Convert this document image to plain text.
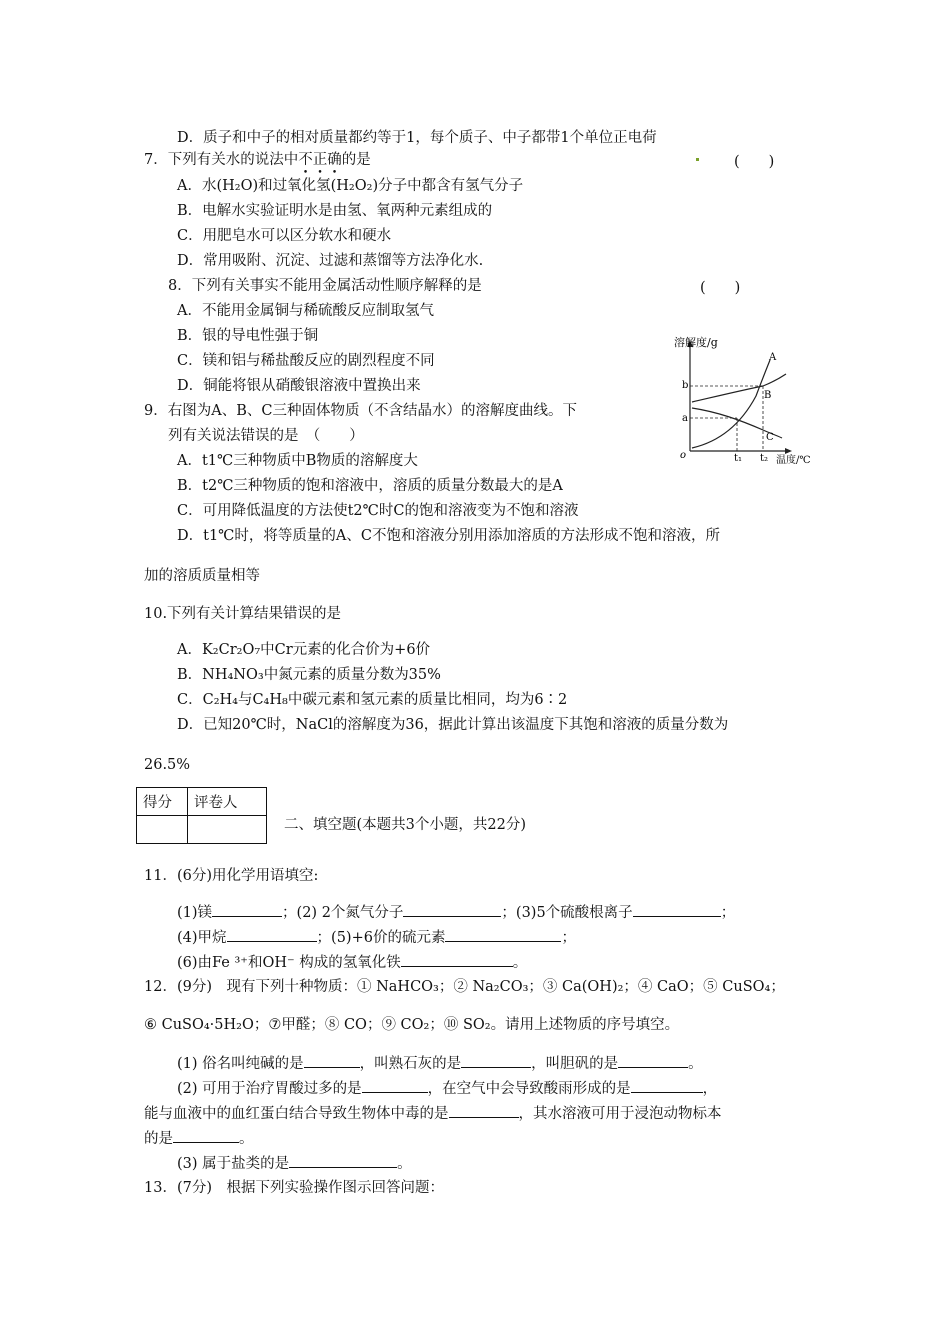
D．质子和中子的相对质量都约等于1，每个质子、中子都带1个单位正电荷
7．下列有关水的说法中不正确的是	(　　)
A．水(H₂O)和过氧化氢(H₂O₂)分子中都含有氢气分子
B．电解水实验证明水是由氢、氧两种元素组成的
C．用肥皂水可以区分软水和硬水
D．常用吸附、沉淀、过滤和蒸馏等方法净化水.
8．下列有关事实不能用金属活动性顺序解释的是	(　　)
A．不能用金属铜与稀硫酸反应制取氢气
B．银的导电性强于铜
C．镁和铝与稀盐酸反应的剧烈程度不同
D．铜能将银从硝酸银溶液中置换出来
溶解度/g
温度/℃
o
b
a
t₁ t₂
A
B
C
9．右图为A、B、C三种固体物质（不含结晶水）的溶解度曲线。下
列有关说法错误的是　（　　）
A．t1℃三种物质中B物质的溶解度大
B．t2℃三种物质的饱和溶液中，溶质的质量分数最大的是A
C．可用降低温度的方法使t2℃时C的饱和溶液变为不饱和溶液
D．t1℃时，将等质量的A、C不饱和溶液分别用添加溶质的方法形成不饱和溶液，所
加的溶质质量相等
10.下列有关计算结果错误的是
A．K₂Cr₂O₇中Cr元素的化合价为+6价
B．NH₄NO₃中氮元素的质量分数为35%
C．C₂H₄与C₄H₈中碳元素和氢元素的质量比相同，均为6∶2
D．已知20℃时，NaCl的溶解度为36，据此计算出该温度下其饱和溶液的质量分数为
26.5%
得分	评卷人

二、填空题(本题共3个小题，共22分)
11．(6分)用化学用语填空:
(1)镁	；(2) 2个氮气分子	；(3)5个硫酸根离子	；
(4)甲烷	；(5)+6价的硫元素	；
(6)由Fe ³⁺和OH⁻ 构成的氢氧化铁	。
12．(9分)　现有下列十种物质：① NaHCO₃；② Na₂CO₃；③ Ca(OH)₂；④ CaO；⑤ CuSO₄；
⑥ CuSO₄·5H₂O；⑦甲醛；⑧ CO；⑨ CO₂；⑩ SO₂。请用上述物质的序号填空。
(1) 俗名叫纯碱的是	，叫熟石灰的是	，叫胆矾的是	。
(2) 可用于治疗胃酸过多的是	，在空气中会导致酸雨形成的是	，
能与血液中的血红蛋白结合导致生物体中毒的是	，其水溶液可用于浸泡动物标本
的是	。
(3) 属于盐类的是	。
13．(7分)　根据下列实验操作图示回答问题：
